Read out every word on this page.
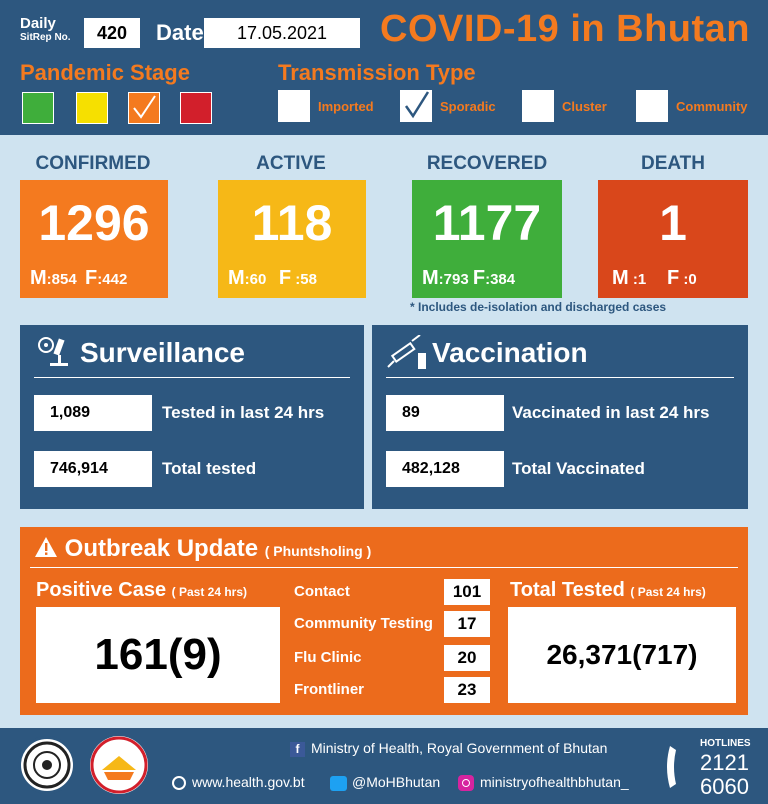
Daily
SitRep No.	420	Date	17.05.2021	COVID-19 in Bhutan
Pandemic Stage	Transmission Type
Imported	Sporadic	Cluster	Community
CONFIRMED	ACTIVE	RECOVERED	DEATH
1296
M:854 F:442
118
M:60 F :58
1177
M:793 F:384
1
M :1 F :0
* Includes de-isolation and discharged cases
Surveillance
1,089	Tested in last 24 hrs
746,914	Total tested
Vaccination
89	Vaccinated in last 24 hrs
482,128	Total Vaccinated
Outbreak Update ( Phuntsholing )
Positive Case ( Past 24 hrs)
161(9)
Contact	101
Community Testing	17
Flu Clinic	20
Frontliner	23
Total Tested ( Past 24 hrs)
26,371(717)
f Ministry of Health, Royal Government of Bhutan
www.health.gov.bt	@MoHBhutan	ministryofhealthbhutan_
HOTLINES
2121
6060
